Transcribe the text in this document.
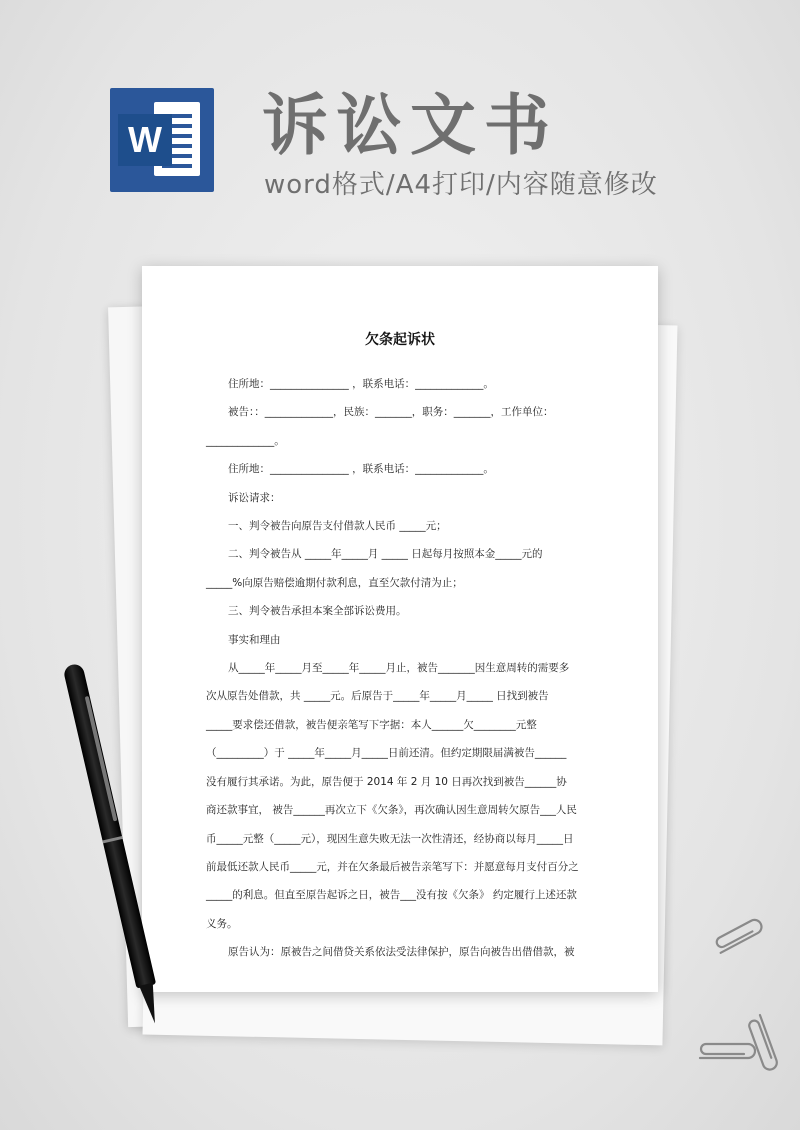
W 诉讼文书
word格式/A4打印/内容随意修改
欠条起诉状

住所地：_______________ ，联系电话：_____________。

被告：：_____________，民族：_______，职务：_______，工作单位：

_____________。

住所地：_______________ ，联系电话：_____________。

诉讼请求：

一、判令被告向原告支付借款人民币 _____元；

二、判令被告从 _____年_____月 _____ 日起每月按照本金_____元的

_____%向原告赔偿逾期付款利息，直至欠款付清为止；

三、判令被告承担本案全部诉讼费用。

事实和理由

从_____年_____月至_____年_____月止，被告_______因生意周转的需要多

次从原告处借款，共 _____元。后原告于_____年_____月_____ 日找到被告

_____要求偿还借款，被告便亲笔写下字据：本人______欠________元整

（_________）于 _____年_____月_____日前还清。但约定期限届满被告______

没有履行其承诺。为此，原告便于 2014 年 2 月 10 日再次找到被告______协

商还款事宜， 被告______再次立下《欠条》，再次确认因生意周转欠原告___人民

币_____元整（_____元），现因生意失败无法一次性清还，经协商以每月_____日

前最低还款人民币_____元，并在欠条最后被告亲笔写下：并愿意每月支付百分之

_____的利息。但直至原告起诉之日，被告___没有按《欠条》 约定履行上述还款

义务。

原告认为：原被告之间借贷关系依法受法律保护，原告向被告出借借款，被
